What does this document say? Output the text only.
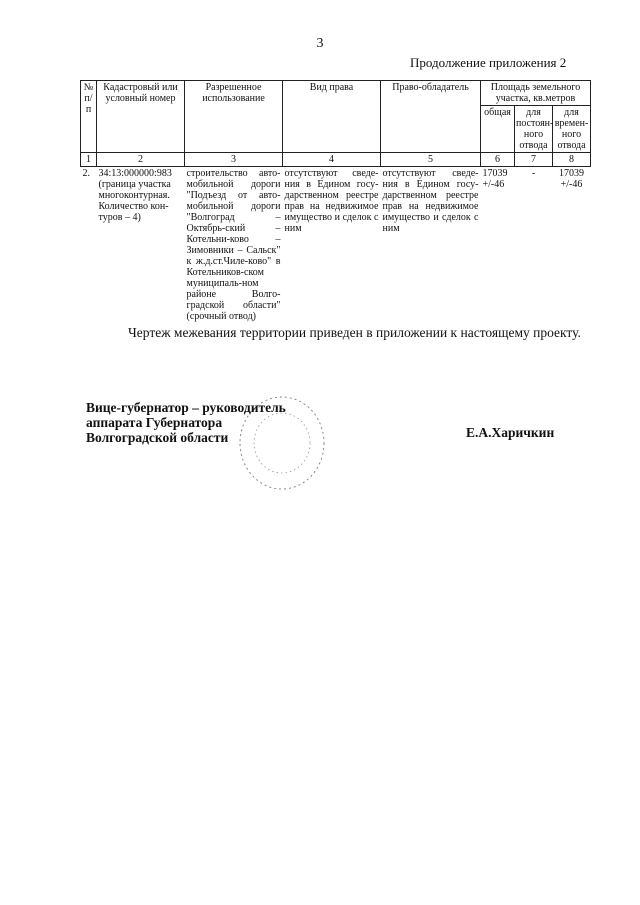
3
Продолжение приложения 2
№ п/п	Кадастровый или условный номер	Разрешенное использование	Вид права	Право-обладатель	Площадь земельного участка, кв.метров		
					общая	для постоян-ного отвода	для времен-ного отвода
1	2	3	4	5	6	7	8
2.	34:13:000000:983 (граница участка многоконтурная. Количество кон-туров – 4)	строительство авто-мобильной дороги "Подъезд от авто-мобильной дороги "Волгоград – Октябрь-ский – Котельни-ково – Зимовники – Сальск" к ж.д.ст.Чиле-ково" в Котельников-ском муниципаль-ном районе Волго-градской области" (срочный отвод)	отсутствуют сведе-ния в Едином госу-дарственном реестре прав на недвижимое имущество и сделок с ним	отсутствуют сведе-ния в Едином госу-дарственном реестре прав на недвижимое имущество и сделок с ним	17039 +/-46	-	17039 +/-46
Чертеж межевания территории приведен в приложении к настоящему проекту.
Вице-губернатор – руководитель
аппарата Губернатора
Волгоградской области	Е.А.Харичкин
